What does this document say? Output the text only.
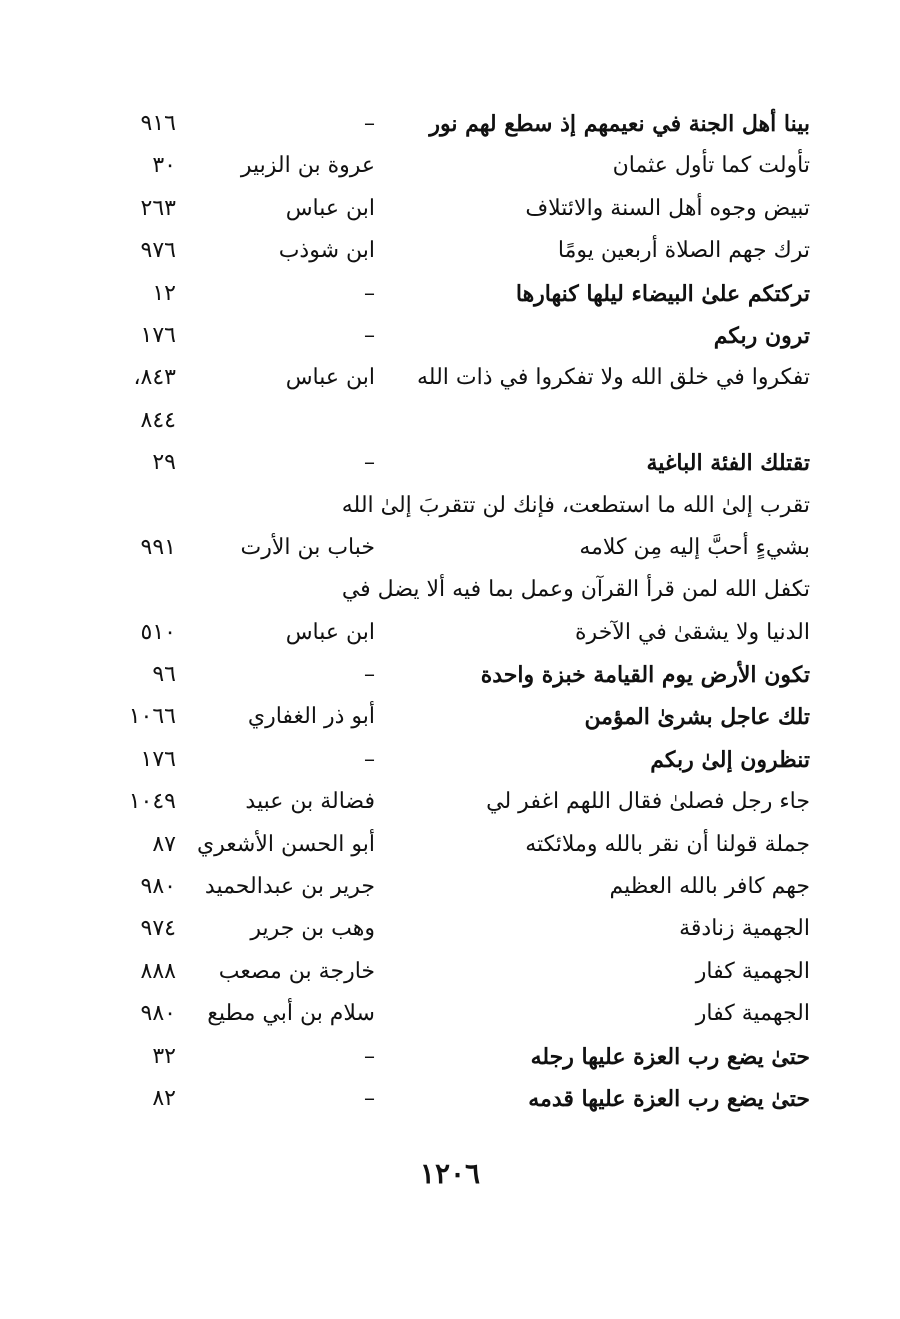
بينا أهل الجنة في نعيمهم إذ سطع لهم نور
–
٩١٦
تأولت كما تأول عثمان
عروة بن الزبير
٣٠
تبيض وجوه أهل السنة والائتلاف
ابن عباس
٢٦٣
ترك جهم الصلاة أربعين يومًا
ابن شوذب
٩٧٦
تركتكم علىٰ البيضاء ليلها كنهارها
–
١٢
ترون ربكم
–
١٧٦
تفكروا في خلق الله ولا تفكروا في ذات الله
ابن عباس
٨٤٣،
٨٤٤
تقتلك الفئة الباغية
–
٢٩
تقرب إلىٰ الله ما استطعت، فإنك لن تتقربَ إلىٰ الله
بشيءٍ أحبَّ إليه مِن كلامه
خباب بن الأرت
٩٩١
تكفل الله لمن قرأ القرآن وعمل بما فيه ألا يضل في
الدنيا ولا يشقىٰ في الآخرة
ابن عباس
٥١٠
تكون الأرض يوم القيامة خبزة واحدة
–
٩٦
تلك عاجل بشرىٰ المؤمن
أبو ذر الغفاري
١٠٦٦
تنظرون إلىٰ ربكم
–
١٧٦
جاء رجل فصلىٰ فقال اللهم اغفر لي
فضالة بن عبيد
١٠٤٩
جملة قولنا أن نقر بالله وملائكته
أبو الحسن الأشعري
٨٧
جهم كافر بالله العظيم
جرير بن عبدالحميد
٩٨٠
الجهمية زنادقة
وهب بن جرير
٩٧٤
الجهمية كفار
خارجة بن مصعب
٨٨٨
الجهمية كفار
سلام بن أبي مطيع
٩٨٠
حتىٰ يضع رب العزة عليها رجله
–
٣٢
حتىٰ يضع رب العزة عليها قدمه
–
٨٢
١٢٠٦
